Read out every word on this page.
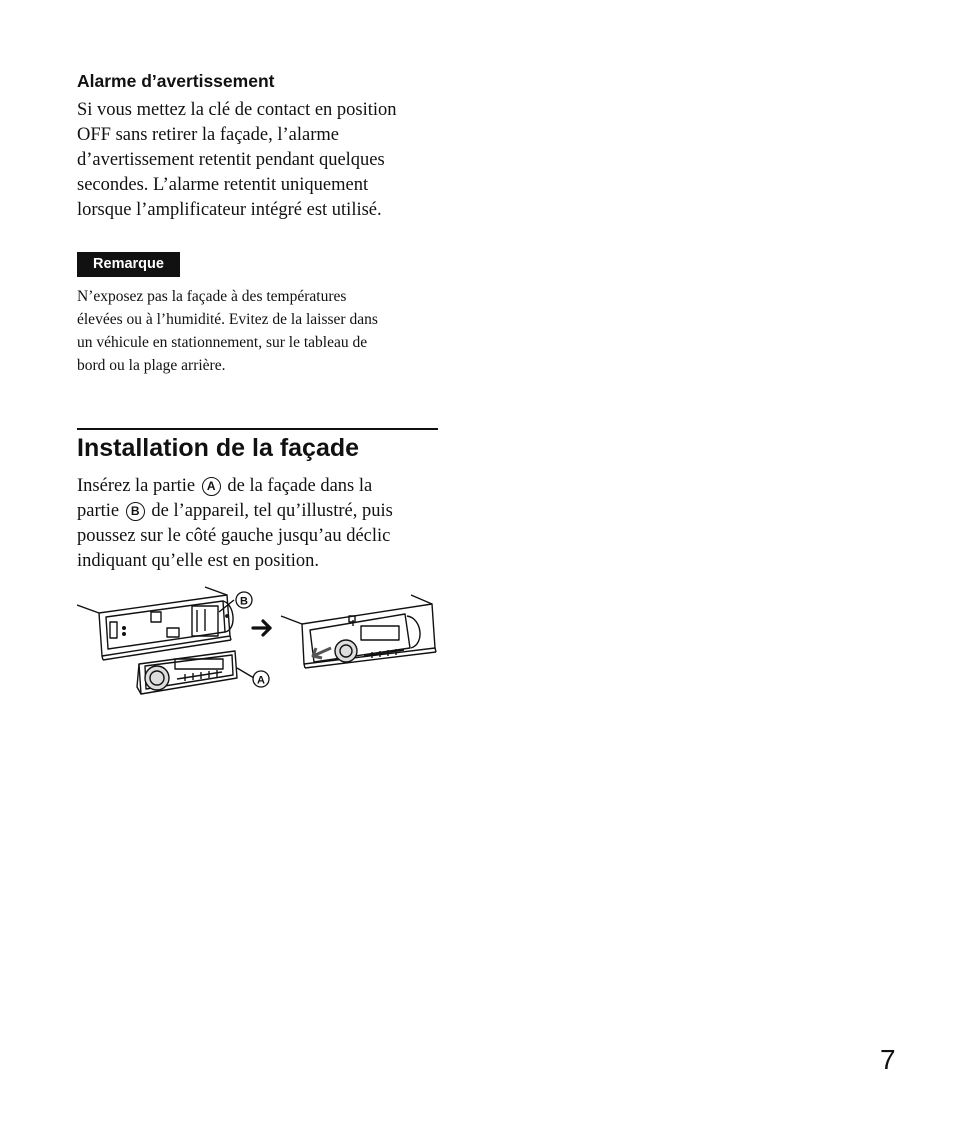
Alarme d’avertissement

Si vous mettez la clé de contact en position
OFF sans retirer la façade, l’alarme
d’avertissement retentit pendant quelques
secondes. L’alarme retentit uniquement
lorsque l’amplificateur intégré est utilisé.

Remarque

N’exposez pas la façade à des températures
élevées ou à l’humidité. Evitez de la laisser dans
un véhicule en stationnement, sur le tableau de
bord ou la plage arrière.

Installation de la façade

Insérez la partie A de la façade dans la
partie B de l’appareil, tel qu’illustré, puis
poussez sur le côté gauche jusqu’au déclic
indiquant qu’elle est en position.

B
A
7
